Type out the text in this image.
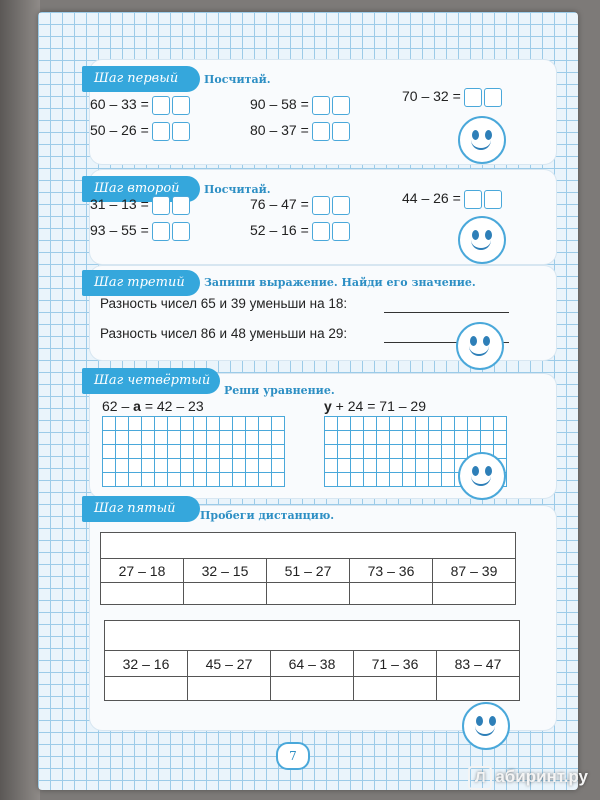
Шаг первый	Посчитай.
60 – 33 =	90 – 58 =	70 – 32 =
50 – 26 =	80 – 37 =
Шаг второй	Посчитай.
31 – 13 =	76 – 47 =	44 – 26 =
93 – 55 =	52 – 16 =
Шаг третий	Запиши выражение. Найди его значение.
Разность чисел 65 и 39 уменьши на 18:
Разность чисел 86 и 48 уменьши на 29:
Шаг четвёртый
Реши уравнение.
62 – а = 42 – 23	у + 24 = 71 – 29
Шаг пятый	Пробеги дистанцию.

27 – 18	32 – 15	51 – 27	73 – 36	87 – 39

32 – 16	45 – 27	64 – 38	71 – 36	83 – 47

7
Л абиринт.ру
